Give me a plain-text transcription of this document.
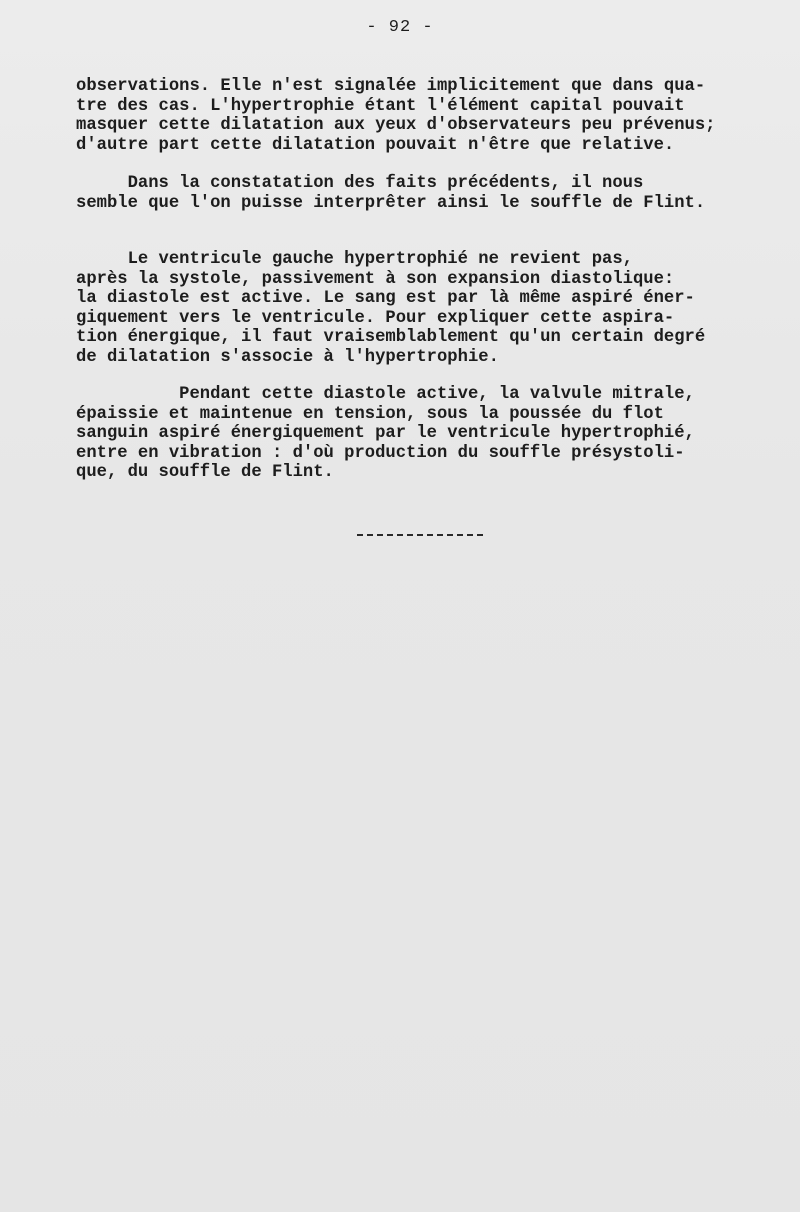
- 92 -

observations. Elle n'est signalée implicitement que dans qua-
tre des cas. L'hypertrophie étant l'élément capital pouvait
masquer cette dilatation aux yeux d'observateurs peu prévenus;
d'autre part cette dilatation pouvait n'être que relative.

Dans la constatation des faits précédents, il nous
semble que l'on puisse interprêter ainsi le souffle de Flint.

Le ventricule gauche hypertrophié ne revient pas,
après la systole, passivement à son expansion diastolique:
la diastole est active. Le sang est par là même aspiré éner-
giquement vers le ventricule. Pour expliquer cette aspira-
tion énergique, il faut vraisemblablement qu'un certain degré
de dilatation s'associe à l'hypertrophie.

Pendant cette diastole active, la valvule mitrale,
épaissie et maintenue en tension, sous la poussée du flot
sanguin aspiré énergiquement par le ventricule hypertrophié,
entre en vibration : d'où production du souffle présystoli-
que, du souffle de Flint.
